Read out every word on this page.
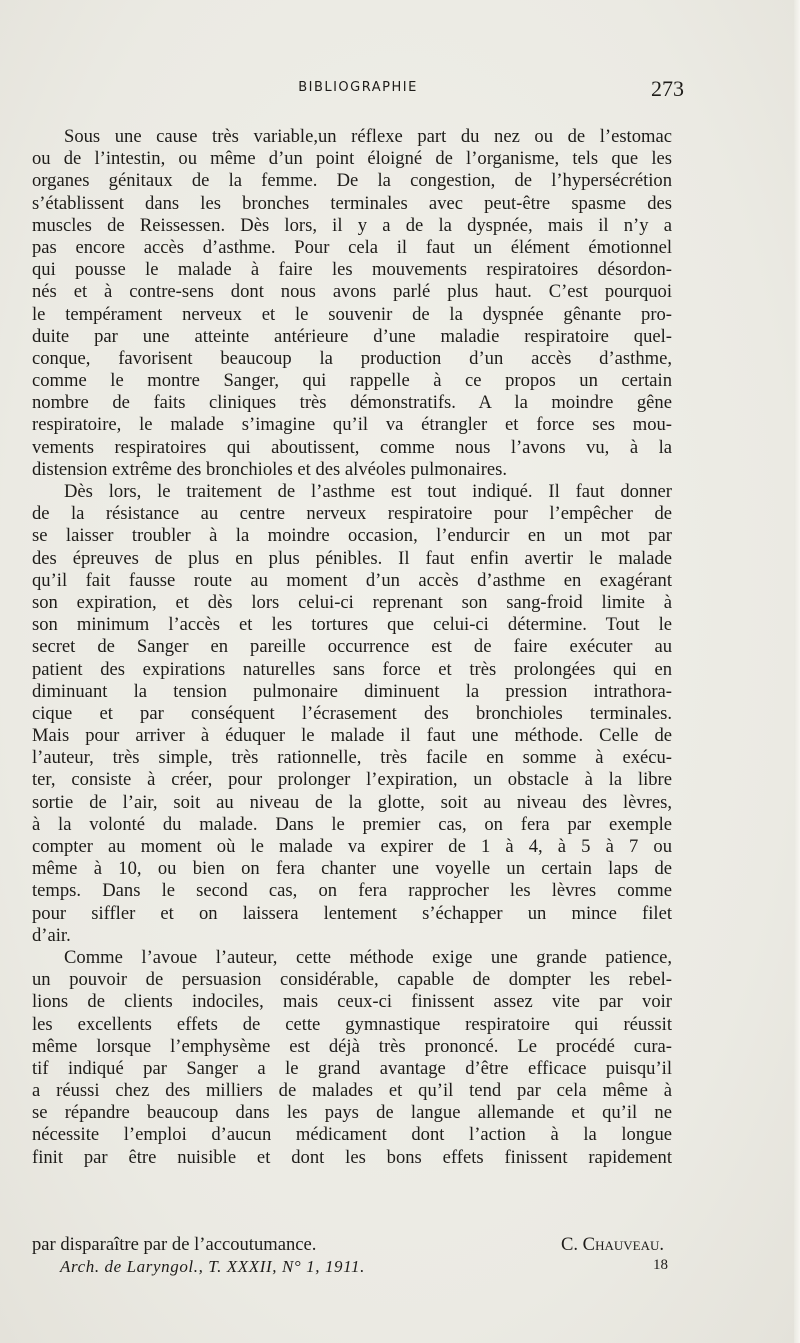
BIBLIOGRAPHIE	273
Sous une cause très variable,un réflexe part du nez ou de l’estomac
ou de l’intestin, ou même d’un point éloigné de l’organisme, tels que les
organes génitaux de la femme. De la congestion, de l’hypersécrétion
s’établissent dans les bronches terminales avec peut-être spasme des
muscles de Reissessen. Dès lors, il y a de la dyspnée, mais il n’y a
pas encore accès d’asthme. Pour cela il faut un élément émotionnel
qui pousse le malade à faire les mouvements respiratoires désordon-
nés et à contre-sens dont nous avons parlé plus haut. C’est pourquoi
le tempérament nerveux et le souvenir de la dyspnée gênante pro-
duite par une atteinte antérieure d’une maladie respiratoire quel-
conque, favorisent beaucoup la production d’un accès d’asthme,
comme le montre Sanger, qui rappelle à ce propos un certain
nombre de faits cliniques très démonstratifs. A la moindre gêne
respiratoire, le malade s’imagine qu’il va étrangler et force ses mou-
vements respiratoires qui aboutissent, comme nous l’avons vu, à la
distension extrême des bronchioles et des alvéoles pulmonaires.
Dès lors, le traitement de l’asthme est tout indiqué. Il faut donner
de la résistance au centre nerveux respiratoire pour l’empêcher de
se laisser troubler à la moindre occasion, l’endurcir en un mot par
des épreuves de plus en plus pénibles. Il faut enfin avertir le malade
qu’il fait fausse route au moment d’un accès d’asthme en exagérant
son expiration, et dès lors celui-ci reprenant son sang-froid limite à
son minimum l’accès et les tortures que celui-ci détermine. Tout le
secret de Sanger en pareille occurrence est de faire exécuter au
patient des expirations naturelles sans force et très prolongées qui en
diminuant la tension pulmonaire diminuent la pression intrathora-
cique et par conséquent l’écrasement des bronchioles terminales.
Mais pour arriver à éduquer le malade il faut une méthode. Celle de
l’auteur, très simple, très rationnelle, très facile en somme à exécu-
ter, consiste à créer, pour prolonger l’expiration, un obstacle à la libre
sortie de l’air, soit au niveau de la glotte, soit au niveau des lèvres,
à la volonté du malade. Dans le premier cas, on fera par exemple
compter au moment où le malade va expirer de 1 à 4, à 5 à 7 ou
même à 10, ou bien on fera chanter une voyelle un certain laps de
temps. Dans le second cas, on fera rapprocher les lèvres comme
pour siffler et on laissera lentement s’échapper un mince filet
d’air.
Comme l’avoue l’auteur, cette méthode exige une grande patience,
un pouvoir de persuasion considérable, capable de dompter les rebel-
lions de clients indociles, mais ceux-ci finissent assez vite par voir
les excellents effets de cette gymnastique respiratoire qui réussit
même lorsque l’emphysème est déjà très prononcé. Le procédé cura-
tif indiqué par Sanger a le grand avantage d’être efficace puisqu’il
a réussi chez des milliers de malades et qu’il tend par cela même à
se répandre beaucoup dans les pays de langue allemande et qu’il ne
nécessite l’emploi d’aucun médicament dont l’action à la longue
finit par être nuisible et dont les bons effets finissent rapidement
par disparaître par de l’accoutumance.	C. Chauveau.
Arch. de Laryngol., T. XXXII, N° 1, 1911.	18
